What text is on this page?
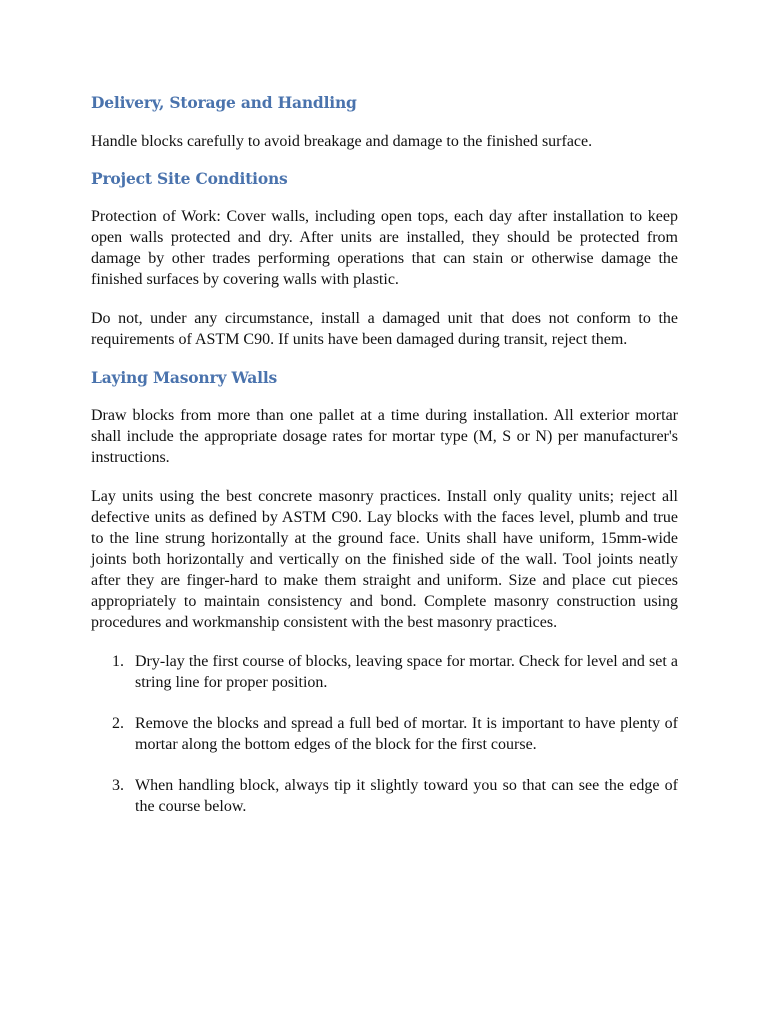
Delivery, Storage and Handling

Handle blocks carefully to avoid breakage and damage to the finished surface.

Project Site Conditions

Protection of Work: Cover walls, including open tops, each day after installation to keep open walls protected and dry. After units are installed, they should be protected from damage by other trades performing operations that can stain or otherwise damage the finished surfaces by covering walls with plastic.

Do not, under any circumstance, install a damaged unit that does not conform to the requirements of ASTM C90. If units have been damaged during transit, reject them.

Laying Masonry Walls

Draw blocks from more than one pallet at a time during installation. All exterior mortar shall include the appropriate dosage rates for mortar type (M, S or N) per manufacturer's instructions.

Lay units using the best concrete masonry practices. Install only quality units; reject all defective units as defined by ASTM C90. Lay blocks with the faces level, plumb and true to the line strung horizontally at the ground face. Units shall have uniform, 15mm-wide joints both horizontally and vertically on the finished side of the wall. Tool joints neatly after they are finger-hard to make them straight and uniform. Size and place cut pieces appropriately to maintain consistency and bond. Complete masonry construction using procedures and workmanship consistent with the best masonry practices.

1. Dry-lay the first course of blocks, leaving space for mortar. Check for level and set a string line for proper position.
2. Remove the blocks and spread a full bed of mortar. It is important to have plenty of mortar along the bottom edges of the block for the first course.
3. When handling block, always tip it slightly toward you so that can see the edge of the course below.
